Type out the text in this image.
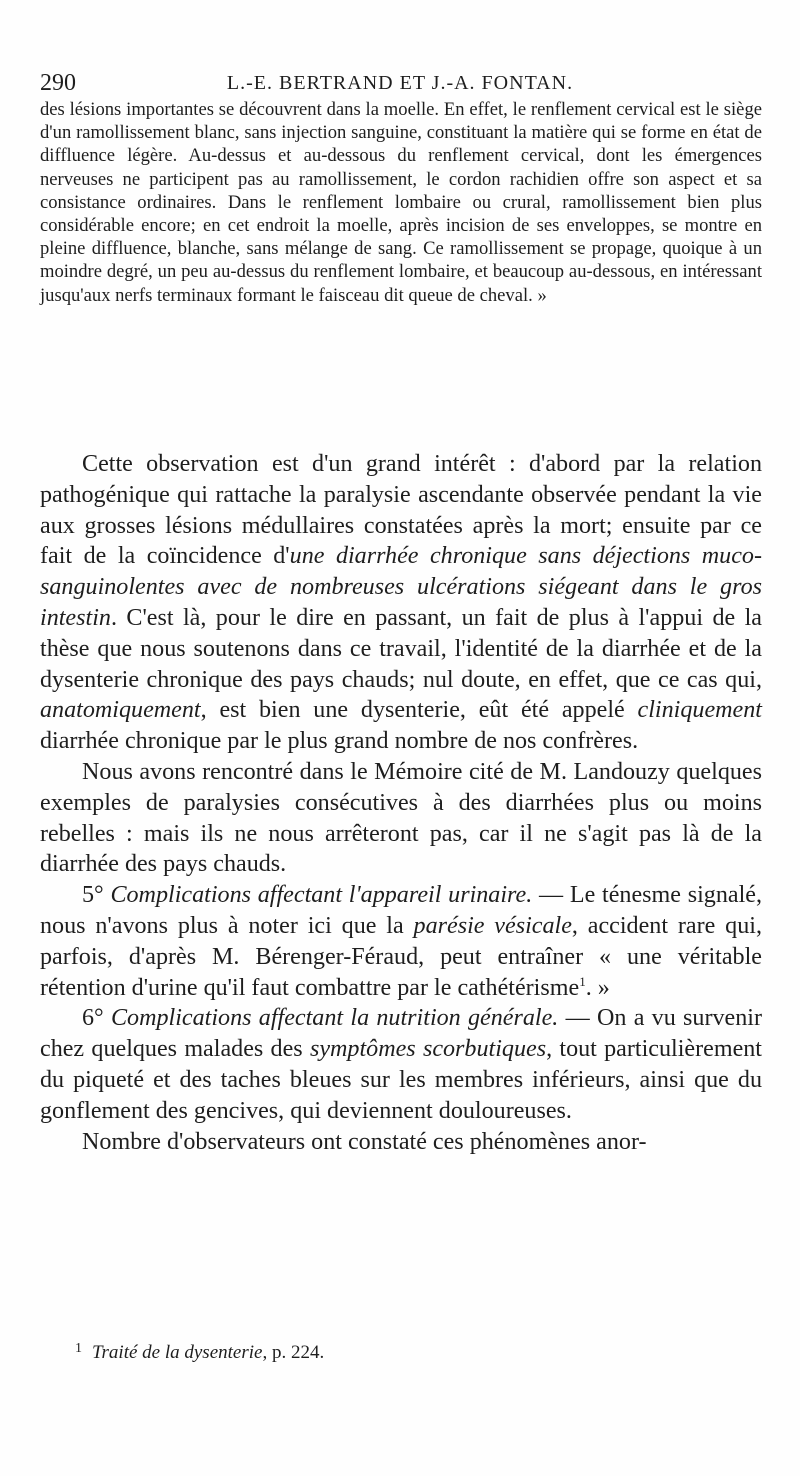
290	L.-E. BERTRAND ET J.-A. FONTAN.

des lésions importantes se découvrent dans la moelle. En effet, le renflement cervical est le siège d'un ramollissement blanc, sans injection sanguine, constituant la matière qui se forme en état de diffluence légère. Au-dessus et au-dessous du renflement cervical, dont les émergences nerveuses ne participent pas au ramollissement, le cordon rachidien offre son aspect et sa consistance ordinaires. Dans le renflement lombaire ou crural, ramollissement bien plus considérable encore; en cet endroit la moelle, après incision de ses enveloppes, se montre en pleine diffluence, blanche, sans mélange de sang. Ce ramollissement se propage, quoique à un moindre degré, un peu au-dessus du renflement lombaire, et beaucoup au-dessous, en intéressant jusqu'aux nerfs terminaux formant le faisceau dit queue de cheval. »

Cette observation est d'un grand intérêt : d'abord par la relation pathogénique qui rattache la paralysie ascendante observée pendant la vie aux grosses lésions médullaires constatées après la mort; ensuite par ce fait de la coïncidence d'une diarrhée chronique sans déjections muco-sanguinolentes avec de nombreuses ulcérations siégeant dans le gros intestin. C'est là, pour le dire en passant, un fait de plus à l'appui de la thèse que nous soutenons dans ce travail, l'identité de la diarrhée et de la dysenterie chronique des pays chauds; nul doute, en effet, que ce cas qui, anatomiquement, est bien une dysenterie, eût été appelé cliniquement diarrhée chronique par le plus grand nombre de nos confrères.

Nous avons rencontré dans le Mémoire cité de M. Landouzy quelques exemples de paralysies consécutives à des diarrhées plus ou moins rebelles : mais ils ne nous arrêteront pas, car il ne s'agit pas là de la diarrhée des pays chauds.

5° Complications affectant l'appareil urinaire. — Le ténesme signalé, nous n'avons plus à noter ici que la parésie vésicale, accident rare qui, parfois, d'après M. Bérenger-Féraud, peut entraîner « une véritable rétention d'urine qu'il faut combattre par le cathétérisme$^1$. »

6° Complications affectant la nutrition générale. — On a vu survenir chez quelques malades des symptômes scorbutiques, tout particulièrement du piqueté et des taches bleues sur les membres inférieurs, ainsi que du gonflement des gencives, qui deviennent douloureuses.

Nombre d'observateurs ont constaté ces phénomènes anor-

$^1$ Traité de la dysenterie, p. 224.
